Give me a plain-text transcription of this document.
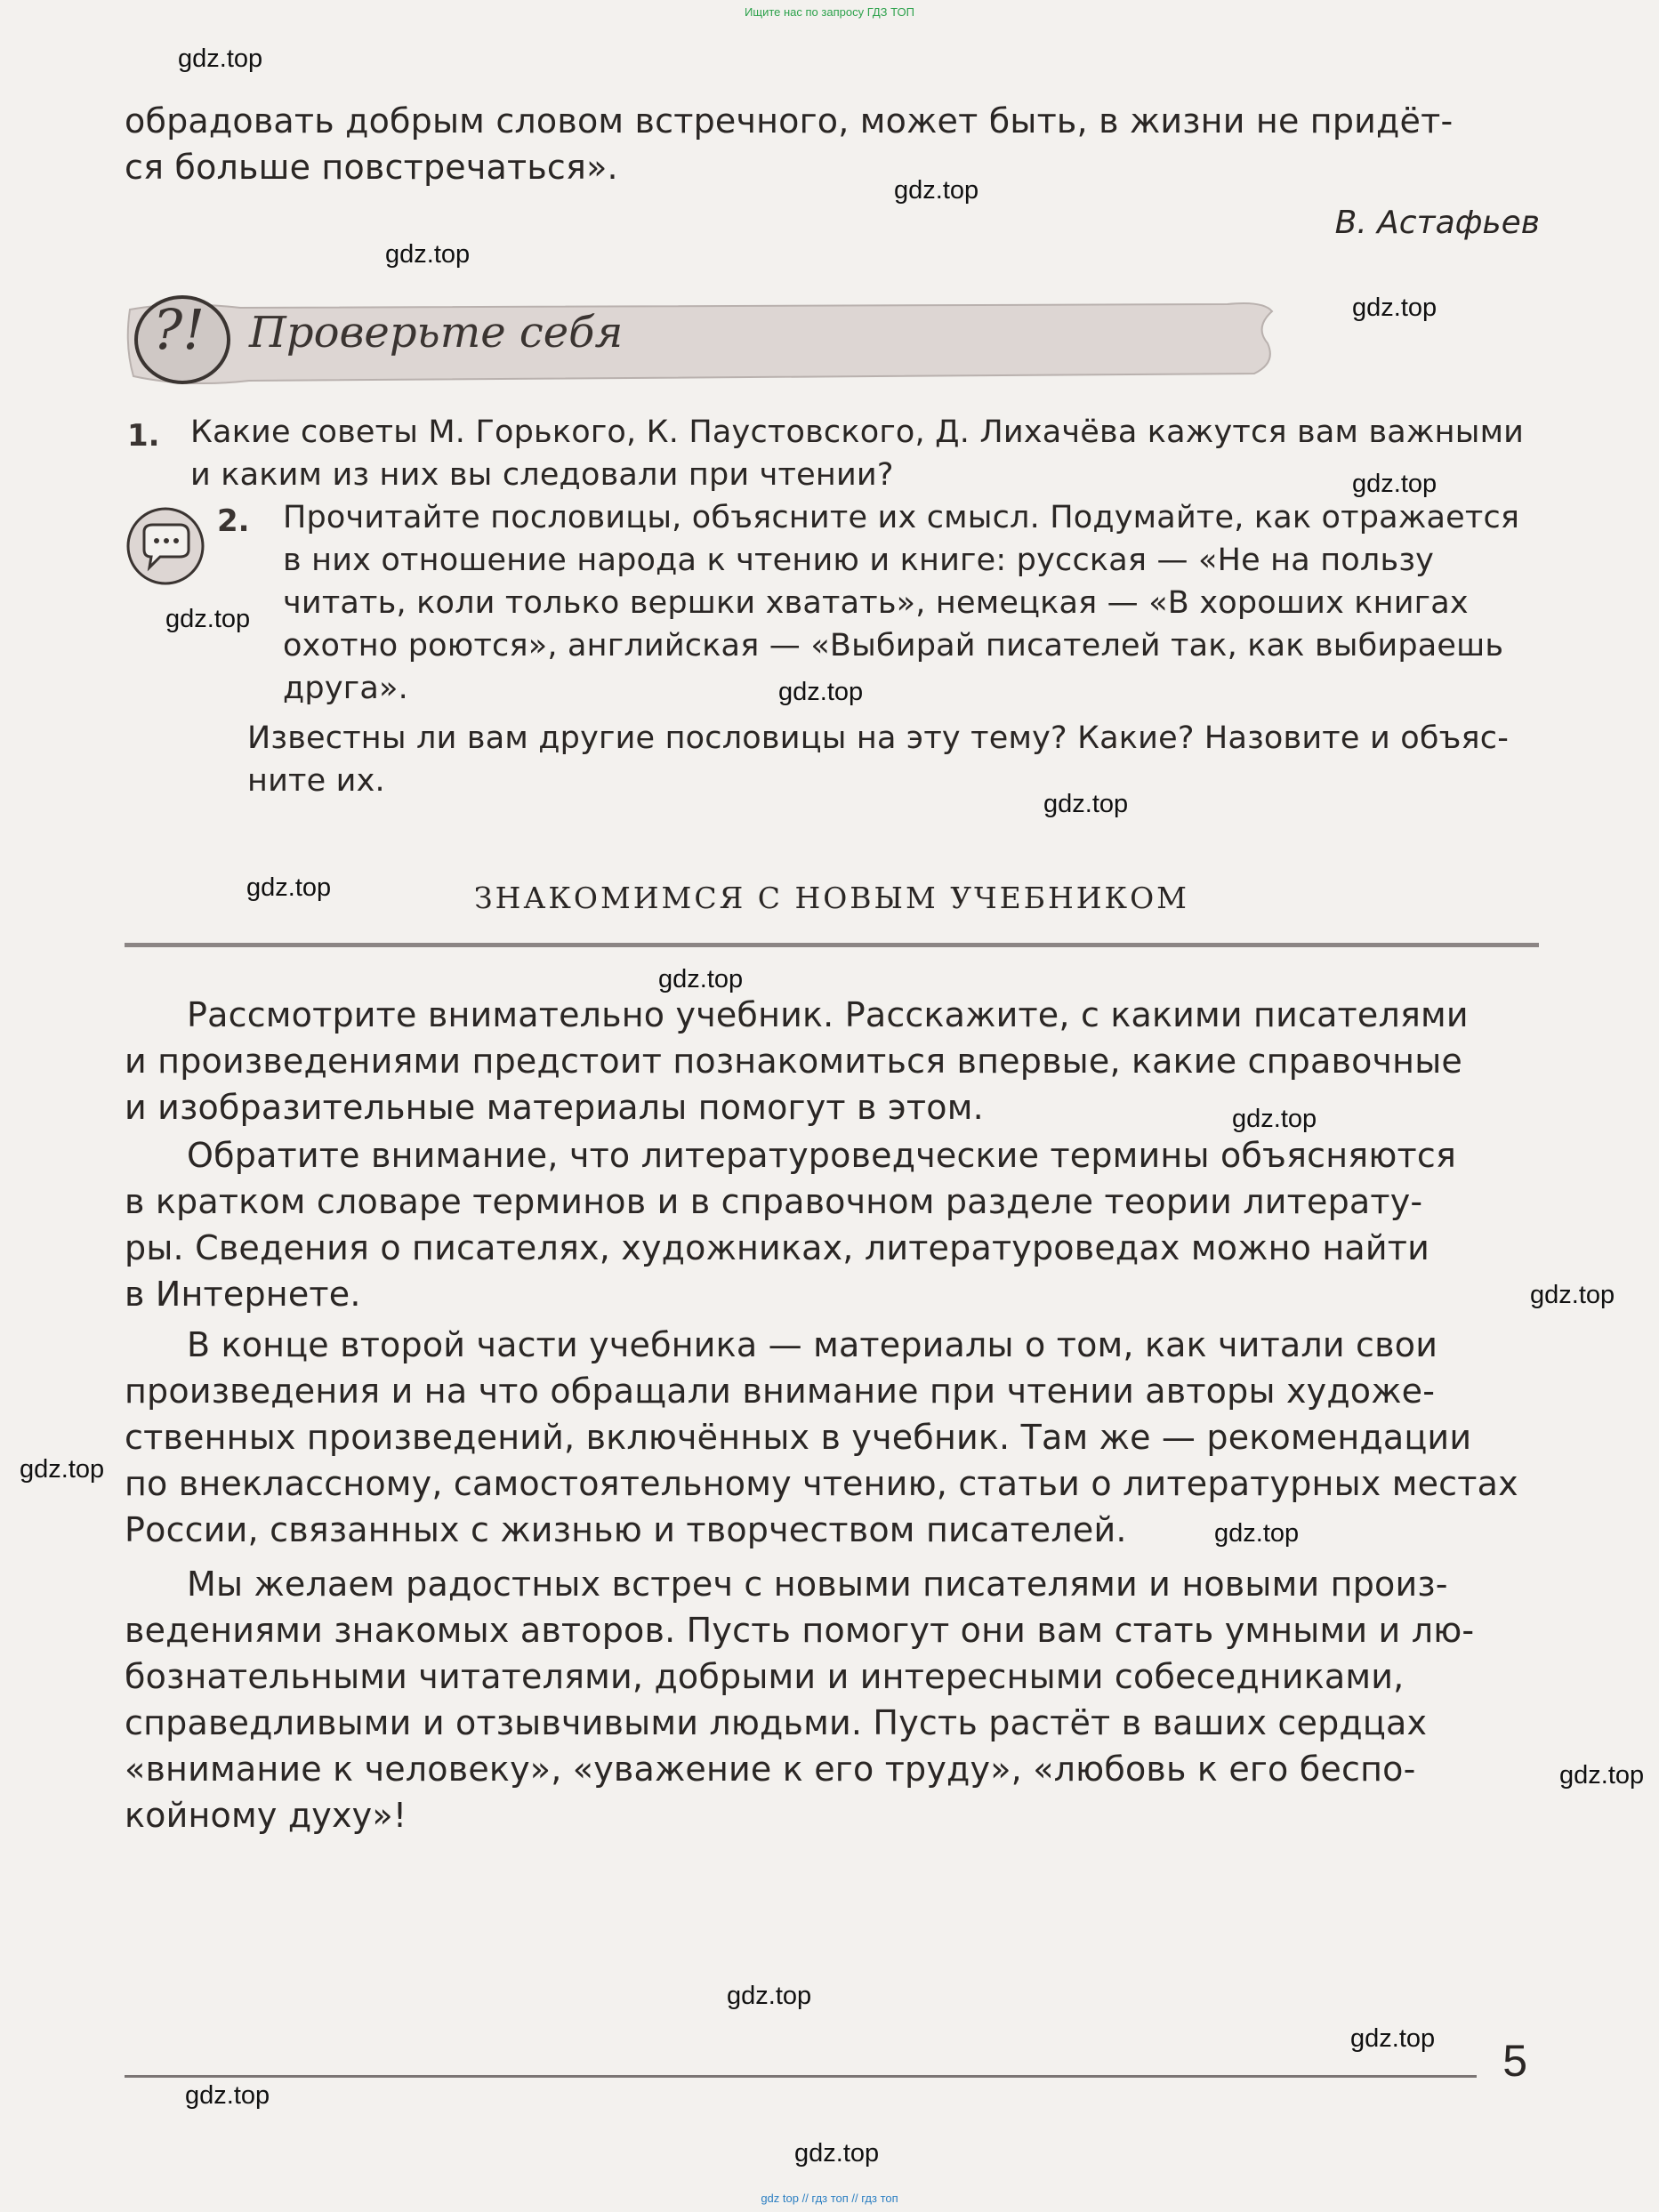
Ищите нас по запросу ГДЗ ТОП
обрадовать добрым словом встречного, может быть, в жизни не придёт-
ся больше повстречаться».
В. Астафьев
?! Проверьте себя
1. Какие советы М. Горького, К. Паустовского, Д. Лихачёва кажутся вам важными
и каким из них вы следовали при чтении?
2. Прочитайте пословицы, объясните их смысл. Подумайте, как отражается
в них отношение народа к чтению и книге: русская — «Не на пользу
читать, коли только вершки хватать», немецкая — «В хороших книгах
охотно роются», английская — «Выбирай писателей так, как выбираешь
друга».
Известны ли вам другие пословицы на эту тему? Какие? Назовите и объяс-
ните их.
ЗНАКОМИМСЯ С НОВЫМ УЧЕБНИКОМ
Рассмотрите внимательно учебник. Расскажите, с какими писателями
и произведениями предстоит познакомиться впервые, какие справочные
и изобразительные материалы помогут в этом.
Обратите внимание, что литературоведческие термины объясняются
в кратком словаре терминов и в справочном разделе теории литерату-
ры. Сведения о писателях, художниках, литературоведах можно найти
в Интернете.
В конце второй части учебника — материалы о том, как читали свои
произведения и на что обращали внимание при чтении авторы художе-
ственных произведений, включённых в учебник. Там же — рекомендации
по внеклассному, самостоятельному чтению, статьи о литературных местах
России, связанных с жизнью и творчеством писателей.
Мы желаем радостных встреч с новыми писателями и новыми произ-
ведениями знакомых авторов. Пусть помогут они вам стать умными и лю-
бознательными читателями, добрыми и интересными собеседниками,
справедливыми и отзывчивыми людьми. Пусть растёт в ваших сердцах
«внимание к человеку», «уважение к его труду», «любовь к его беспо-
койному духу»!
5
gdz.top
gdz.top
gdz.top
gdz.top
gdz.top
gdz.top
gdz.top
gdz.top
gdz.top
gdz.top
gdz.top
gdz.top
gdz.top
gdz.top
gdz.top
gdz.top
gdz.top
gdz.top
gdz.top
gdz top // гдз топ // гдз топ
